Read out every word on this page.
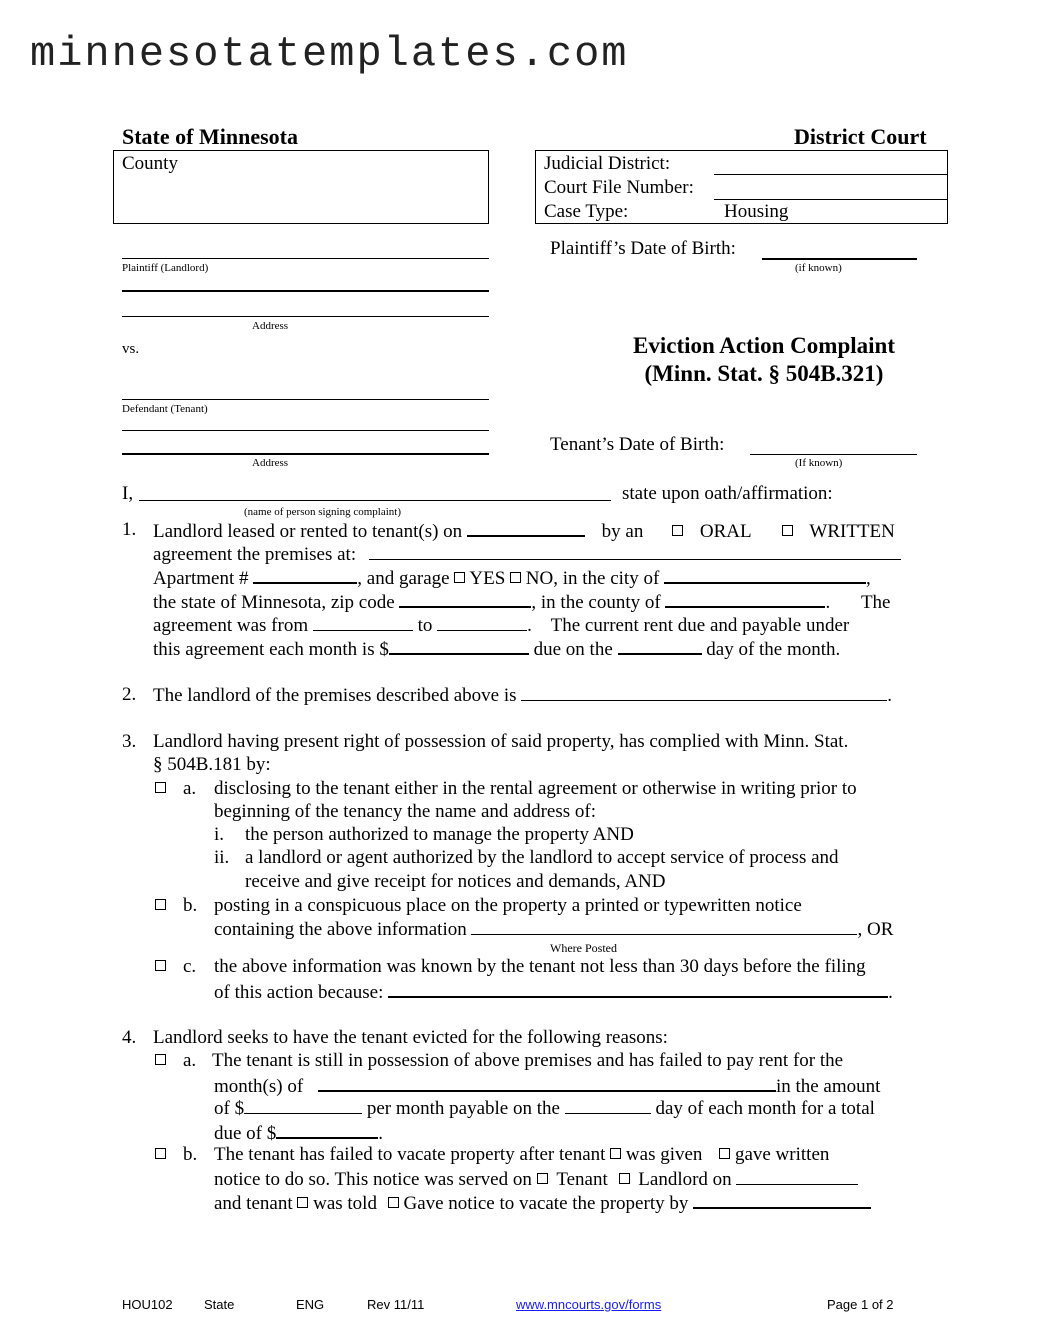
minnesotatemplates.com
State of Minnesota	District Court
County	Judicial District:
Court File Number:
Case Type:	Housing
Plaintiff (Landlord)
Address
Plaintiff’s Date of Birth:
(if known)
vs.	Eviction Action Complaint
(Minn. Stat. § 504B.321)
Defendant (Tenant)
Address
Tenant’s Date of Birth:
(If known)
I,	state upon oath/affirmation:
(name of person signing complaint)
1. Landlord leased or rented to tenant(s) on	by an	ORAL	WRITTEN
agreement the premises at:
Apartment #	, and garage YES NO, in the city of	,
the state of Minnesota, zip code	, in the county of	. The
agreement was from	to	. The current rent due and payable under
this agreement each month is $	due on the	day of the month.
2. The landlord of the premises described above is	.
3. Landlord having present right of possession of said property, has complied with Minn. Stat.
§ 504B.181 by:
a. disclosing to the tenant either in the rental agreement or otherwise in writing prior to
beginning of the tenancy the name and address of:
i. the person authorized to manage the property AND
ii. a landlord or agent authorized by the landlord to accept service of process and
receive and give receipt for notices and demands, AND
b. posting in a conspicuous place on the property a printed or typewritten notice
containing the above information	, OR
Where Posted
c. the above information was known by the tenant not less than 30 days before the filing
of this action because:	.
4. Landlord seeks to have the tenant evicted for the following reasons:
a. The tenant is still in possession of above premises and has failed to pay rent for the
month(s) of	in the amount
of $	per month payable on the	day of each month for a total
due of $	.
b. The tenant has failed to vacate property after tenant was given gave written
notice to do so. This notice was served on Tenant Landlord on
and tenant was told Gave notice to vacate the property by
HOU102 State	ENG	Rev 11/11	www.mncourts.gov/forms	Page 1 of 2
